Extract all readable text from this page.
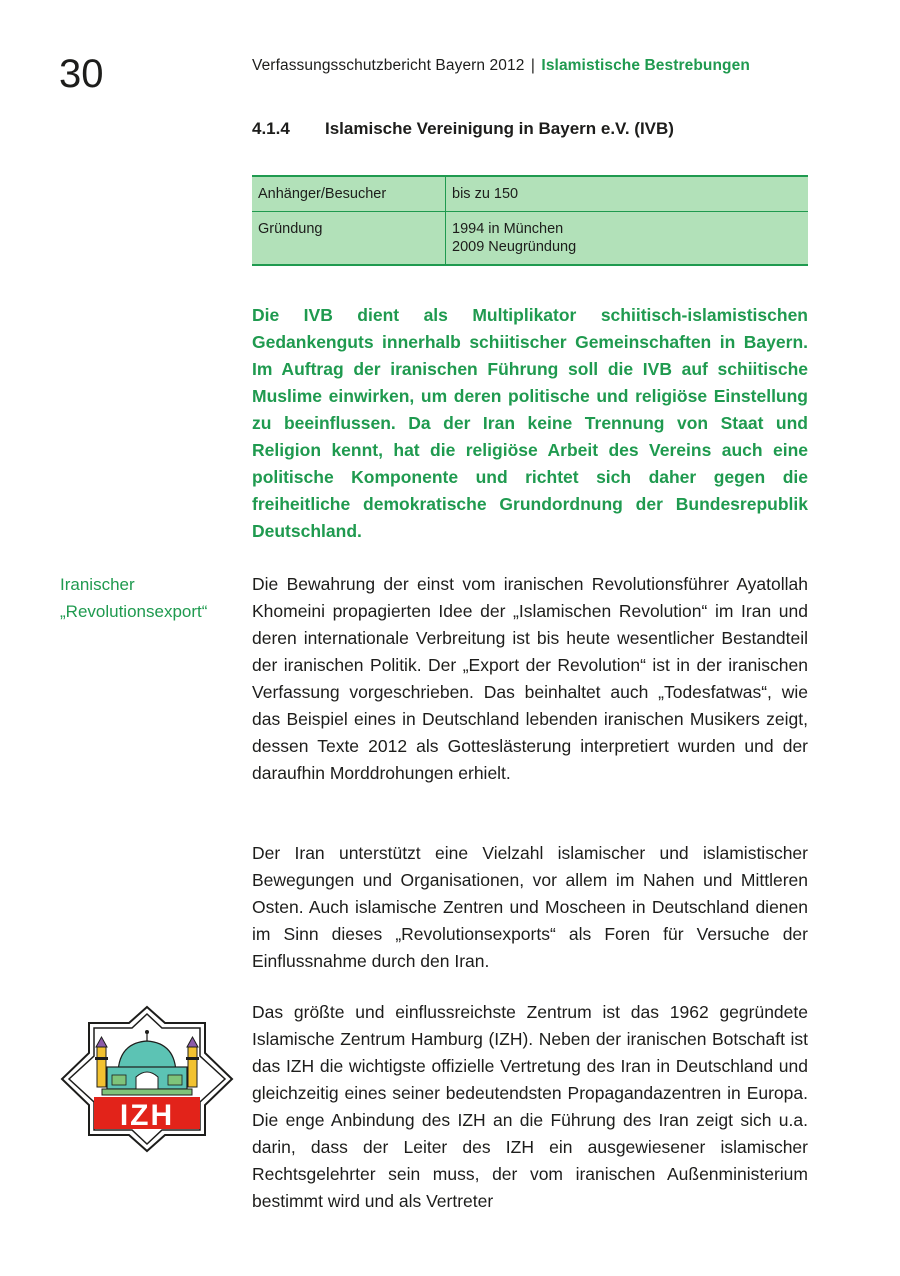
30	Verfassungsschutzbericht Bayern 2012 | Islamistische Bestrebungen
4.1.4 Islamische Vereinigung in Bayern e.V. (IVB)
Anhänger/Besucher	bis zu 150
Gründung	1994 in München
2009 Neugründung
Die IVB dient als Multiplikator schiitisch-islamistischen Gedankenguts innerhalb schiitischer Gemeinschaften in Bayern. Im Auftrag der iranischen Führung soll die IVB auf schiitische Muslime einwirken, um deren politische und religiöse Einstellung zu beeinflussen. Da der Iran keine Trennung von Staat und Religion kennt, hat die religiöse Arbeit des Vereins auch eine politische Komponente und richtet sich daher gegen die freiheitliche demokratische Grundordnung der Bundesrepublik Deutschland.
Iranischer
„Revolutionsexport“
Die Bewahrung der einst vom iranischen Revolutionsführer Ayatollah Khomeini propagierten Idee der „Islamischen Revolution“ im Iran und deren internationale Verbreitung ist bis heute wesentlicher Bestandteil der iranischen Politik. Der „Export der Revolution“ ist in der iranischen Verfassung vorgeschrieben. Das beinhaltet auch „Todesfatwas“, wie das Beispiel eines in Deutschland lebenden iranischen Musikers zeigt, dessen Texte 2012 als Gotteslästerung interpretiert wurden und der daraufhin Morddrohungen erhielt.
Der Iran unterstützt eine Vielzahl islamischer und islamistischer Bewegungen und Organisationen, vor allem im Nahen und Mittleren Osten. Auch islamische Zentren und Moscheen in Deutschland dienen im Sinn dieses „Revolutionsexports“ als Foren für Versuche der Einflussnahme durch den Iran.
Das größte und einflussreichste Zentrum ist das 1962 gegründete Islamische Zentrum Hamburg (IZH). Neben der iranischen Botschaft ist das IZH die wichtigste offizielle Vertretung des Iran in Deutschland und gleichzeitig eines seiner bedeutendsten Propagandazentren in Europa. Die enge Anbindung des IZH an die Führung des Iran zeigt sich u.a. darin, dass der Leiter des IZH ein ausgewiesener islamischer Rechtsgelehrter sein muss, der vom iranischen Außenministerium bestimmt wird und als Vertreter
IZH
